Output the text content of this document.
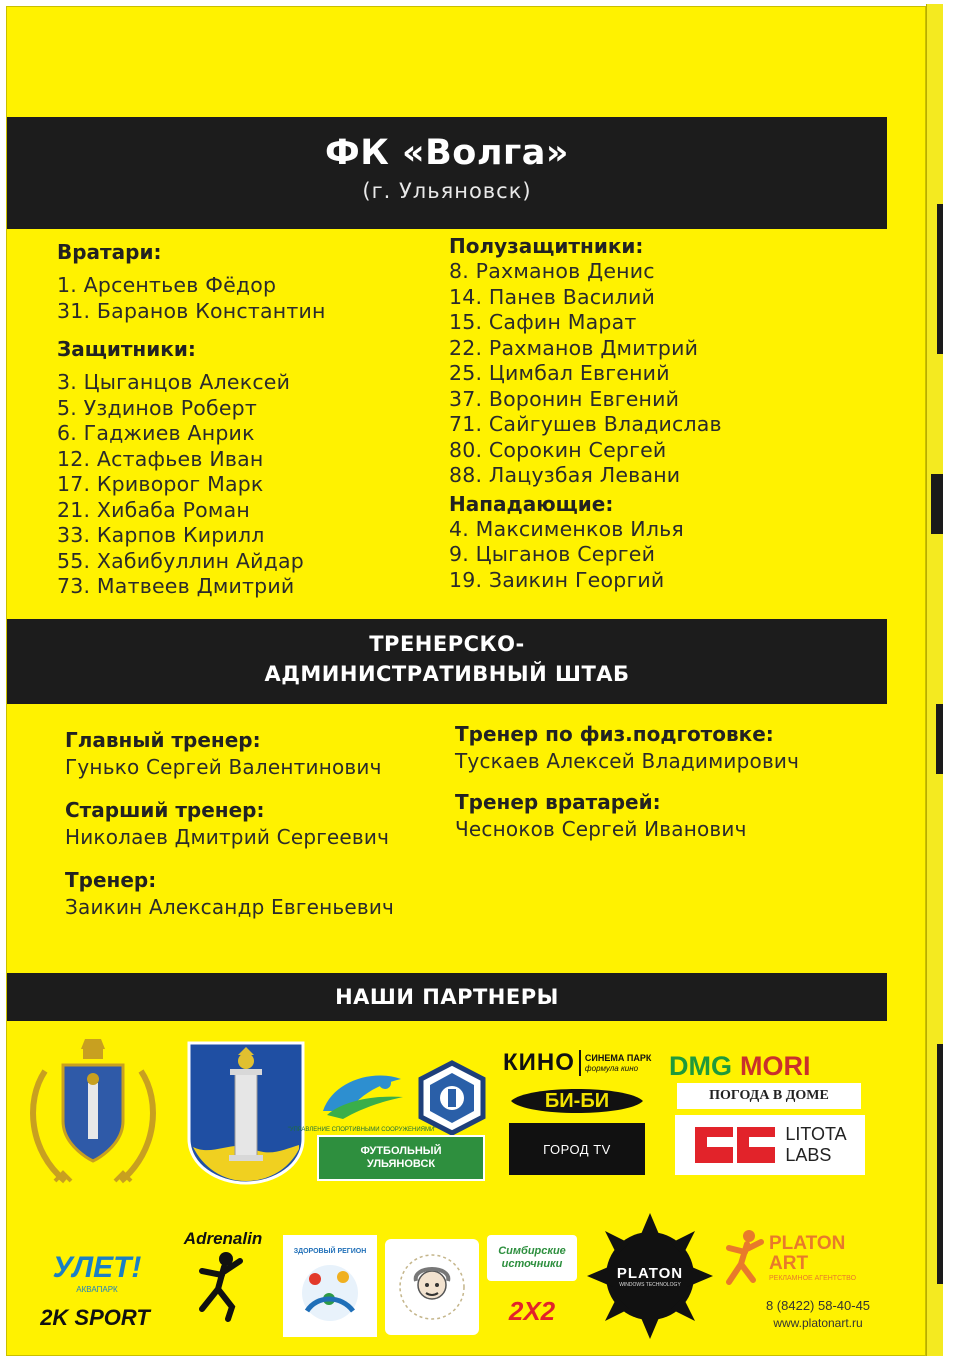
ФК «Волга»
(г. Ульяновск)
Вратари:
1. Арсентьев Фёдор
31. Баранов Константин
Защитники:
3. Цыганцов Алексей
5. Уздинов Роберт
6. Гаджиев Анрик
12. Астафьев Иван
17. Криворог Марк
21. Хибаба Роман
33. Карпов Кирилл
55. Хабибуллин Айдар
73. Матвеев Дмитрий
Полузащитники:
8. Рахманов Денис
14. Панев Василий
15. Сафин Марат
22. Рахманов Дмитрий
25. Цимбал Евгений
37. Воронин Евгений
71. Сайгушев Владислав
80. Сорокин Сергей
88. Лацузбая Левани
Нападающие:
4. Максименков Илья
9. Цыганов Сергей
19. Заикин Георгий
ТРЕНЕРСКО-
АДМИНИСТРАТИВНЫЙ ШТАБ
Главный тренер:
Гунько Сергей Валентинович
Старший тренер:
Николаев Дмитрий Сергеевич
Тренер:
Заикин Александр Евгеньевич
Тренер по физ.подготовке:
Тускаев Алексей Владимирович
Тренер вратарей:
Чесноков Сергей Иванович
НАШИ ПАРТНЕРЫ
"УПРАВЛЕНИЕ СПОРТИВНЫМИ СООРУЖЕНИЯМИ"
ФУТБОЛЬНЫЙ
УЛЬЯНОВСК
КИНО СИНЕМА ПАРК
формула кино
БИ-БИ
ГОРОД TV
DMG MORI
ПОГОДА В ДОМЕ
LITOTA
LABS
УЛЕТ!
АКВАПАРК
2K SPORT
Adrenalin
ЗДОРОВЫЙ РЕГИОН	Симбирские источники
2X2
PLATON
WINDOWS TECHNOLOGY
PLATON
ART
РЕКЛАМНОЕ АГЕНТСТВО
8 (8422) 58-40-45
www.platonart.ru
